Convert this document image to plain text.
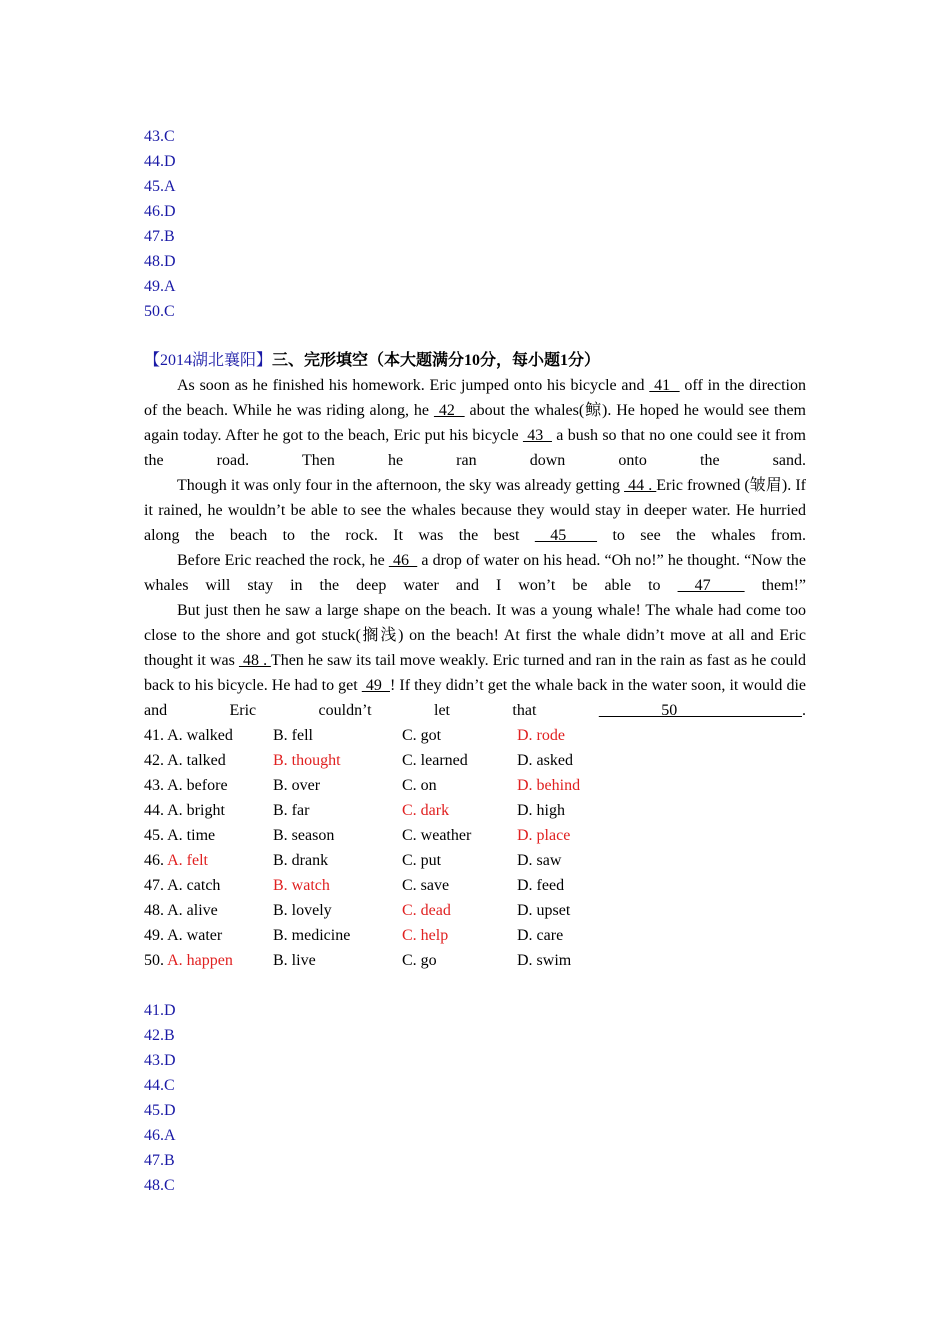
43.C
44.D
45.A
46.D
47.B
48.D
49.A
50.C
【2014湖北襄阳】三、完形填空（本大题满分10分，每小题1分）
As soon as he finished his homework. Eric jumped onto his bicycle and  41   off in the direction of the beach. While he was riding along, he  42   about the whales(鲸). He hoped he would see them again today. After he got to the beach, Eric put his bicycle  43   a bush so that no one could see it from the road. Then he ran down onto the sand.
Though it was only four in the afternoon, the sky was already getting  44 . Eric frowned (皱眉). If it rained, he wouldn’t be able to see the whales because they would stay in deeper water. He hurried along the beach to the rock. It was the best  45   to see the whales from.
Before Eric reached the rock, he  46   a drop of water on his head. “Oh no!” he thought. “Now the whales will stay in the deep water and I won’t be able to  47   them!”
But just then he saw a large shape on the beach. It was a young whale! The whale had come too close to the shore and got stuck(搁浅) on the beach! At first the whale didn’t move at all and Eric thought it was  48 . Then he saw its tail move weakly. Eric turned and ran in the rain as fast as he could back to his bicycle. He had to get  49  ! If they didn’t get the whale back in the water soon, it would die and Eric couldn’t let that  50  .
41. A. walked	B. fell	C. got	D. rode
42. A. talked	B. thought	C. learned	D. asked
43. A. before	B. over	C. on	D. behind
44. A. bright	B. far	C. dark	D. high
45. A. time	B. season	C. weather	D. place
46. A. felt	B. drank	C. put	D. saw
47. A. catch	B. watch	C. save	D. feed
48. A. alive	B. lovely	C. dead	D. upset
49. A. water	B. medicine	C. help	D. care
50. A. happen	B. live	C. go	D. swim
41.D
42.B
43.D
44.C
45.D
46.A
47.B
48.C
